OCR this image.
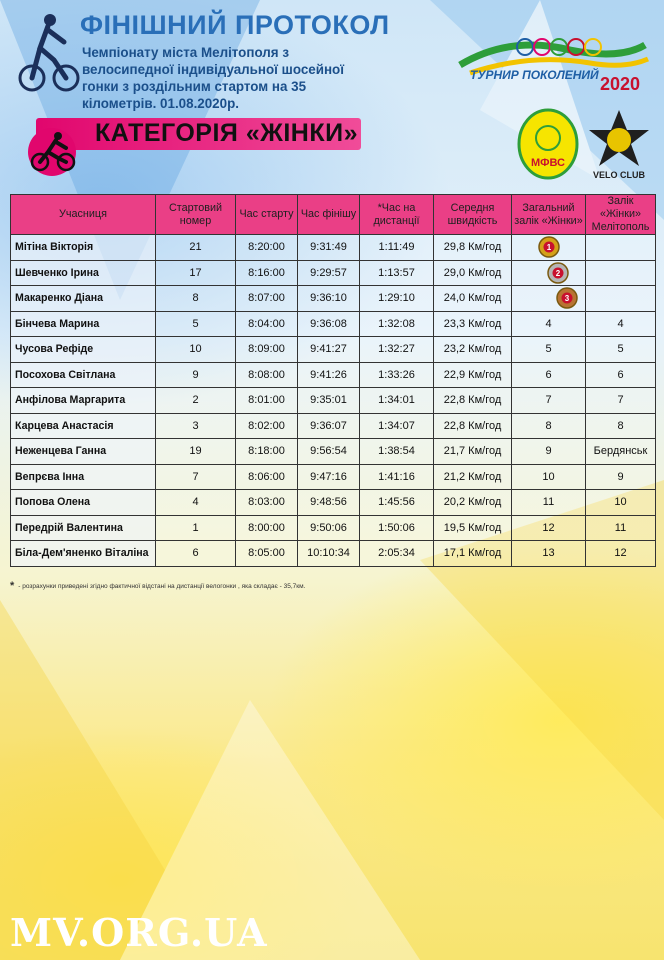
ФІНІШНИЙ ПРОТОКОЛ
Чемпіонату міста Мелітополя з велосипедної індивідуальної шосейної гонки з роздільним стартом на 35 кілометрів. 01.08.2020р.
ТУРНИР ПОКОЛЕНИЙ 2020
КАТЕГОРІЯ «ЖІНКИ»
МФВС
VELO CLUB
Учасниця	Стартовий номер	Час старту	Час фінішу	*Час на дистанції	Середня швидкість	Загальний залік «Жінки»	Залік «Жінки» Мелітополь
Мітіна Вікторія	21	8:20:00	9:31:49	1:11:49	29,8 Км/год	1	

Шевченко Ірина	17	8:16:00	9:29:57	1:13:57	29,0 Км/год	2	

Макаренко Діана	8	8:07:00	9:36:10	1:29:10	24,0 Км/год	3	

Бінчева Марина	5	8:04:00	9:36:08	1:32:08	23,3 Км/год	4	4
Чусова Рефіде	10	8:09:00	9:41:27	1:32:27	23,2 Км/год	5	5
Посохова Світлана	9	8:08:00	9:41:26	1:33:26	22,9 Км/год	6	6
Анфілова Маргарита	2	8:01:00	9:35:01	1:34:01	22,8 Км/год	7	7
Карцева Анастасія	3	8:02:00	9:36:07	1:34:07	22,8 Км/год	8	8
Неженцева Ганна	19	8:18:00	9:56:54	1:38:54	21,7 Км/год	9	Бердянськ
Вепрєва Інна	7	8:06:00	9:47:16	1:41:16	21,2 Км/год	10	9
Попова Олена	4	8:03:00	9:48:56	1:45:56	20,2 Км/год	11	10
Передрій Валентина	1	8:00:00	9:50:06	1:50:06	19,5 Км/год	12	11
Біла-Дем'яненко Віталіна	6	8:05:00	10:10:34	2:05:34	17,1 Км/год	13	12
* - розрахунки приведені згідно фактичної відстані на дистанції велогонки , яка складає - 35,7км.
MV.ORG.UA
